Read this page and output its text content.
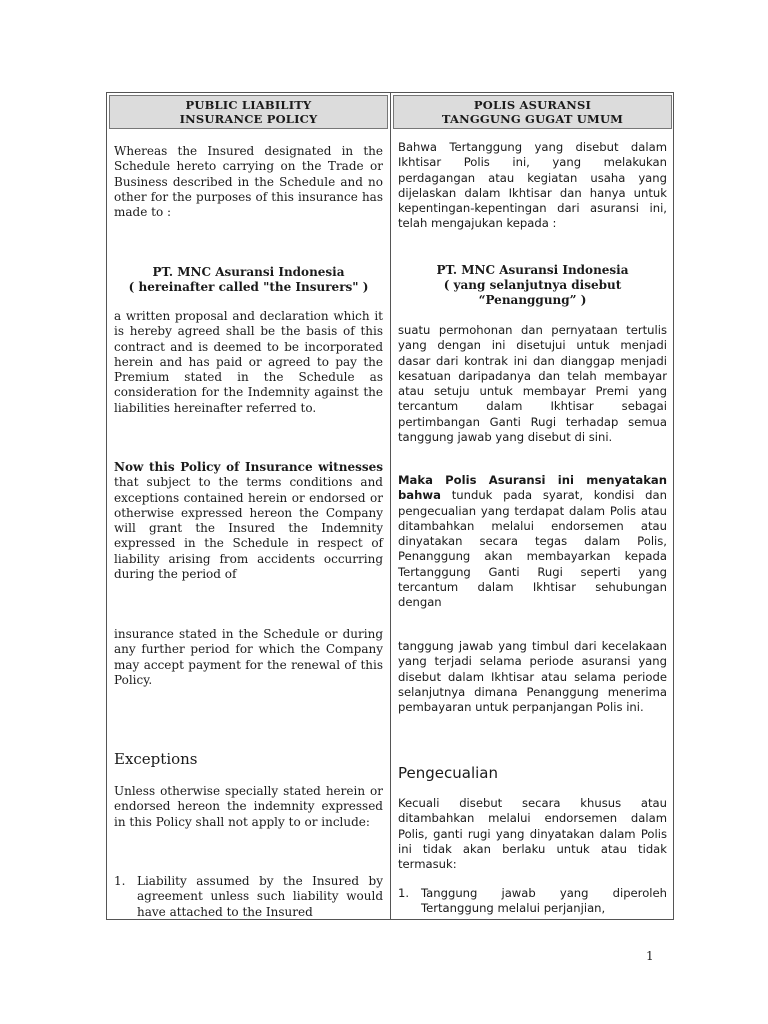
PUBLIC LIABILITY
INSURANCE POLICY
POLIS ASURANSI
TANGGUNG GUGAT UMUM
Whereas the Insured designated in the Schedule hereto carrying on the Trade or Business described in the Schedule and no other for the purposes of this insurance has made to :
PT. MNC Asuransi Indonesia
( hereinafter called "the Insurers" )
a written proposal and declaration which it is hereby agreed shall be the basis of this contract and is deemed to be incorporated herein and has paid or agreed to pay the Premium stated in the Schedule as consideration for the Indemnity against the liabilities hereinafter referred to.
Now this Policy of Insurance witnesses that subject to the terms conditions and exceptions contained herein or endorsed or otherwise expressed hereon the Company will grant the Insured the Indemnity expressed in the Schedule in respect of liability arising from accidents occurring during the period of
insurance stated in the Schedule or during any further period for which the Company may accept payment for the renewal of this Policy.
Exceptions
Unless otherwise specially stated herein or endorsed hereon the indemnity expressed in this Policy shall not apply to or include:
1. Liability assumed by the Insured by agreement unless such liability would have attached to the Insured
Bahwa Tertanggung yang disebut dalam Ikhtisar Polis ini, yang melakukan perdagangan atau kegiatan usaha yang dijelaskan dalam Ikhtisar dan hanya untuk kepentingan-kepentingan dari asuransi ini, telah mengajukan kepada :
PT. MNC Asuransi Indonesia
( yang selanjutnya disebut
“Penanggung” )
suatu permohonan dan pernyataan tertulis yang dengan ini disetujui untuk menjadi dasar dari kontrak ini dan dianggap menjadi kesatuan daripadanya dan telah membayar atau setuju untuk membayar Premi yang tercantum dalam Ikhtisar sebagai pertimbangan Ganti Rugi terhadap semua tanggung jawab yang disebut di sini.
Maka Polis Asuransi ini menyatakan bahwa tunduk pada syarat, kondisi dan pengecualian yang terdapat dalam Polis atau ditambahkan melalui endorsemen atau dinyatakan secara tegas dalam Polis, Penanggung akan membayarkan kepada Tertanggung Ganti Rugi seperti yang tercantum dalam Ikhtisar sehubungan dengan
tanggung jawab yang timbul dari kecelakaan yang terjadi selama periode asuransi yang disebut dalam Ikhtisar atau selama periode selanjutnya dimana Penanggung menerima pembayaran untuk perpanjangan Polis ini.
Pengecualian
Kecuali disebut secara khusus atau ditambahkan melalui endorsemen dalam Polis, ganti rugi yang dinyatakan dalam Polis ini tidak akan berlaku untuk atau tidak termasuk:
1. Tanggung jawab yang diperoleh Tertanggung melalui perjanjian,
1
